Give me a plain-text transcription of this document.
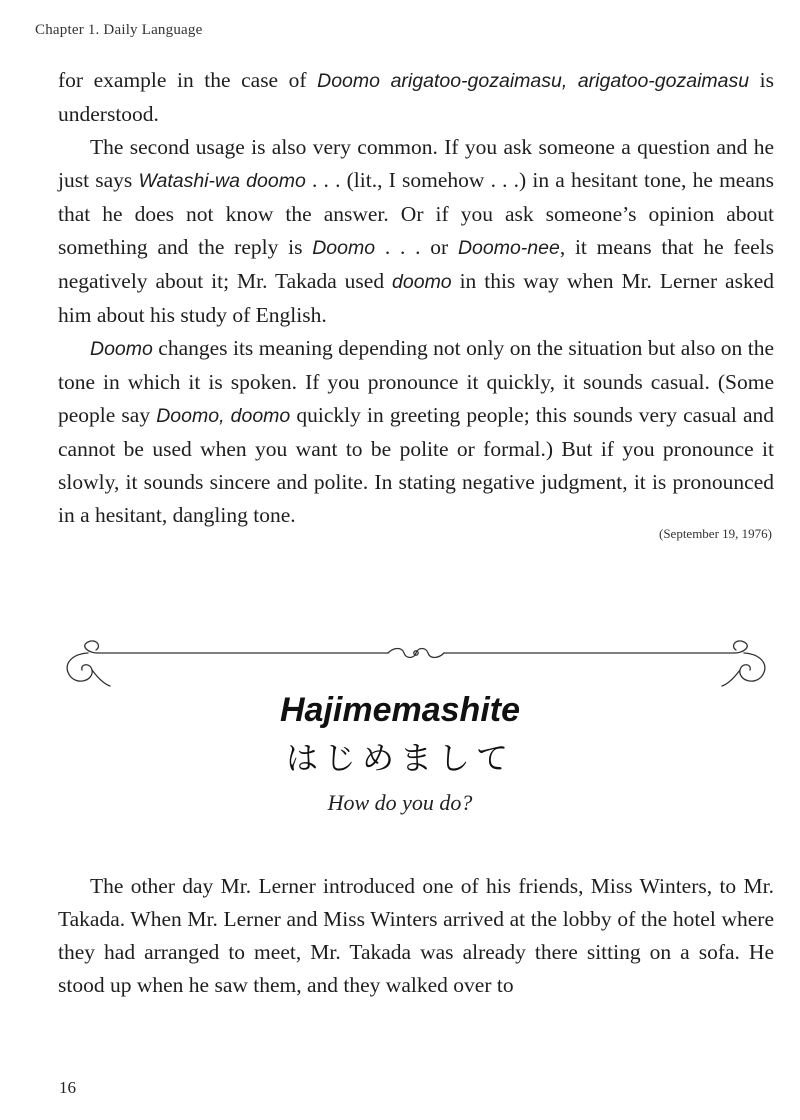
Chapter 1. Daily Language

for example in the case of Doomo arigatoo-gozaimasu, arigatoo-gozaimasu is understood.

The second usage is also very common. If you ask someone a question and he just says Watashi-wa doomo . . . (lit., I somehow . . .) in a hesitant tone, he means that he does not know the answer. Or if you ask someone’s opinion about something and the reply is Doomo . . . or Doomo-nee, it means that he feels negatively about it; Mr. Takada used doomo in this way when Mr. Lerner asked him about his study of English.

Doomo changes its meaning depending not only on the situation but also on the tone in which it is spoken. If you pronounce it quickly, it sounds casual. (Some people say Doomo, doomo quickly in greeting people; this sounds very casual and cannot be used when you want to be polite or formal.) But if you pronounce it slowly, it sounds sincere and polite. In stating negative judgment, it is pronounced in a hesitant, dangling tone.

(September 19, 1976)
Hajimemashite
はじめまして
How do you do?

The other day Mr. Lerner introduced one of his friends, Miss Winters, to Mr. Takada. When Mr. Lerner and Miss Winters arrived at the lobby of the hotel where they had arranged to meet, Mr. Takada was already there sitting on a sofa. He stood up when he saw them, and they walked over to

16
